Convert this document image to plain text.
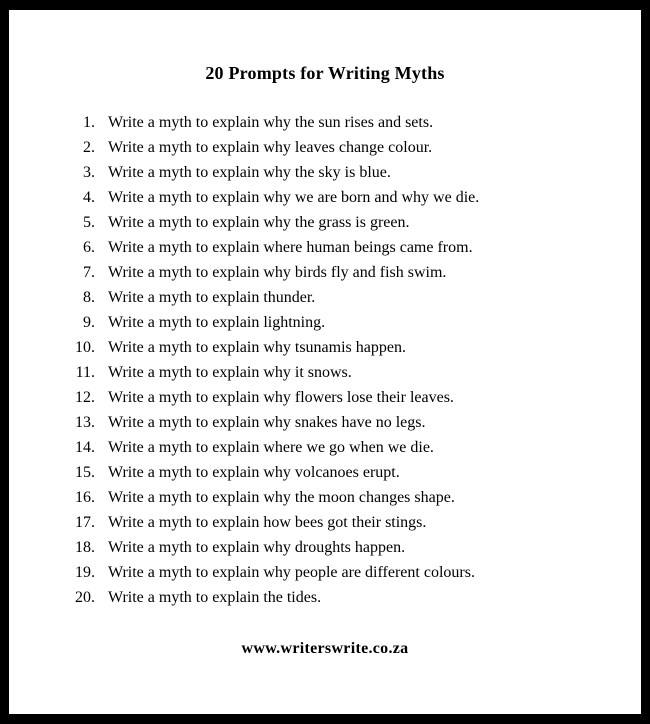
20 Prompts for Writing Myths
1. Write a myth to explain why the sun rises and sets.
2. Write a myth to explain why leaves change colour.
3. Write a myth to explain why the sky is blue.
4. Write a myth to explain why we are born and why we die.
5. Write a myth to explain why the grass is green.
6. Write a myth to explain where human beings came from.
7. Write a myth to explain why birds fly and fish swim.
8. Write a myth to explain thunder.
9. Write a myth to explain lightning.
10. Write a myth to explain why tsunamis happen.
11. Write a myth to explain why it snows.
12. Write a myth to explain why flowers lose their leaves.
13. Write a myth to explain why snakes have no legs.
14. Write a myth to explain where we go when we die.
15. Write a myth to explain why volcanoes erupt.
16. Write a myth to explain why the moon changes shape.
17. Write a myth to explain how bees got their stings.
18. Write a myth to explain why droughts happen.
19. Write a myth to explain why people are different colours.
20. Write a myth to explain the tides.
www.writerswrite.co.za
